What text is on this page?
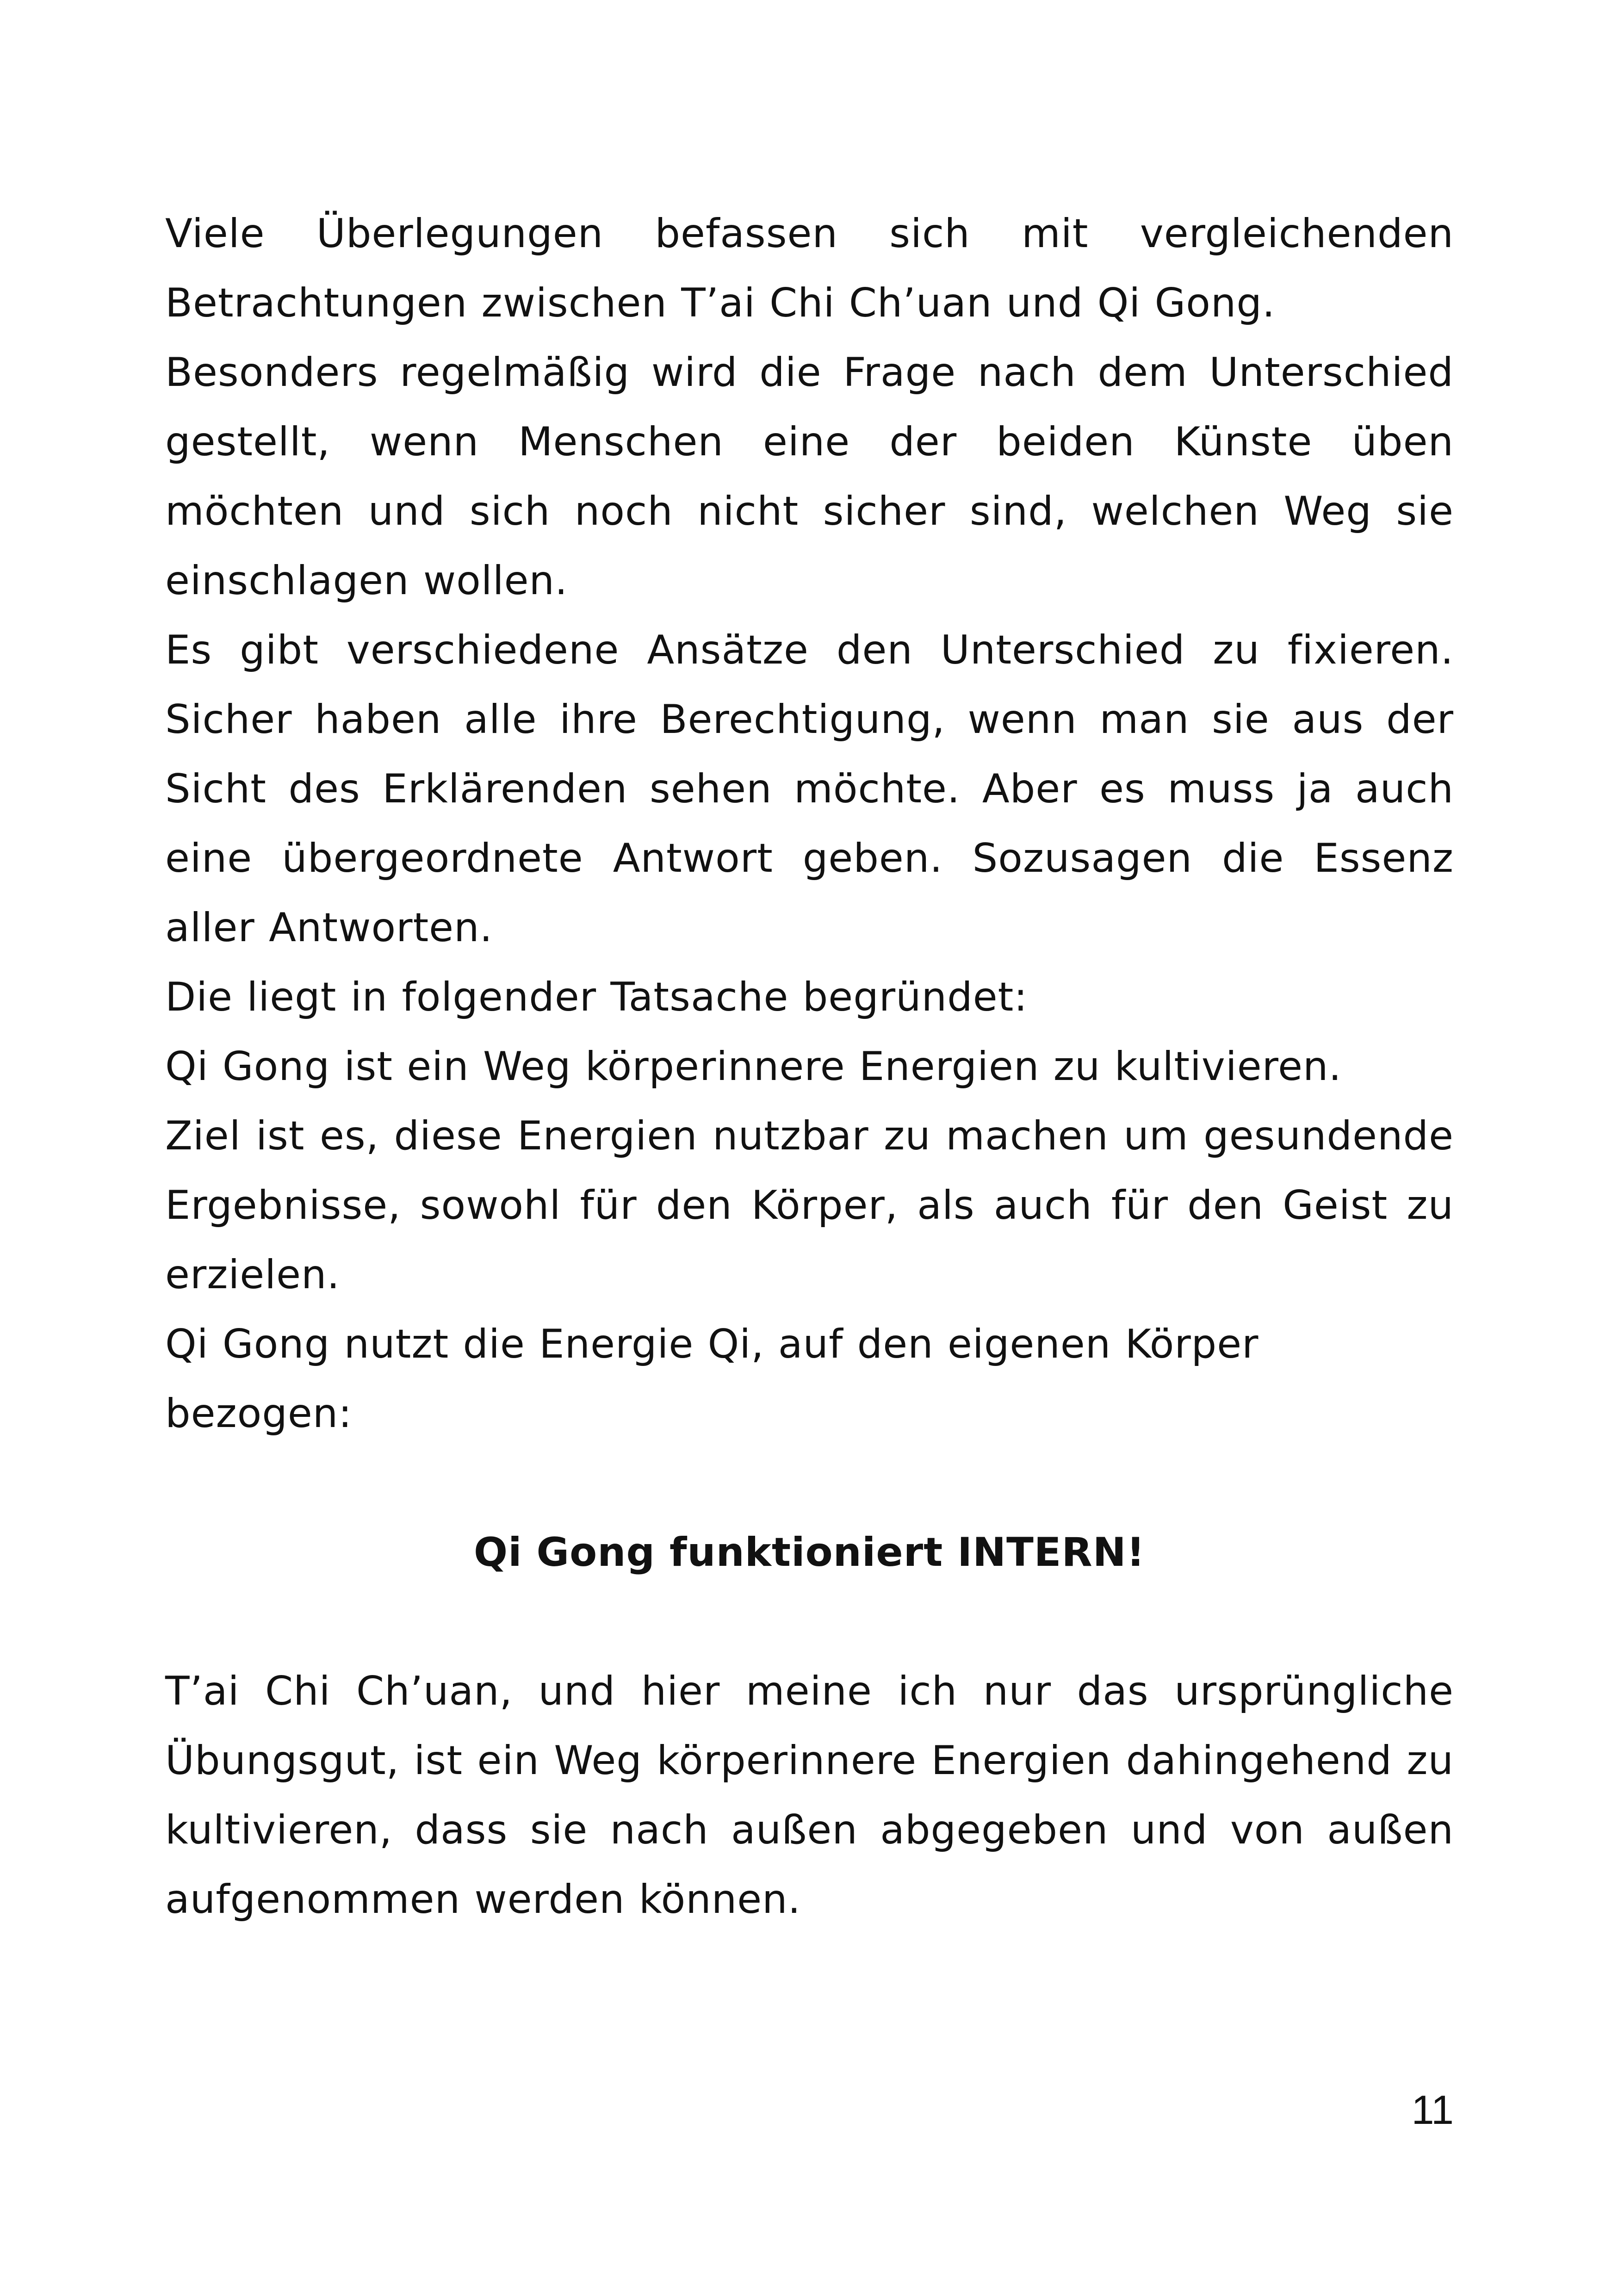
Viele Überlegungen befassen sich mit vergleichenden Betrachtungen zwischen T’ai Chi Ch’uan und Qi Gong.

Besonders regelmäßig wird die Frage nach dem Unterschied gestellt, wenn Menschen eine der beiden Künste üben möchten und sich noch nicht sicher sind, welchen Weg sie einschlagen wollen.

Es gibt verschiedene Ansätze den Unterschied zu fixieren. Sicher haben alle ihre Berechtigung, wenn man sie aus der Sicht des Erklärenden sehen möchte. Aber es muss ja auch eine übergeordnete Antwort geben. Sozusagen die Essenz aller Antworten.

Die liegt in folgender Tatsache begründet:

Qi Gong ist ein Weg körperinnere Energien zu kultivieren.

Ziel ist es, diese Energien nutzbar zu machen um gesundende Ergebnisse, sowohl für den Körper, als auch für den Geist zu erzielen.

Qi Gong nutzt die Energie Qi, auf den eigenen Körper bezogen:

Qi Gong funktioniert INTERN!

T’ai Chi Ch’uan, und hier meine ich nur das ursprüngliche Übungsgut, ist ein Weg körperinnere Energien dahingehend zu kultivieren, dass sie nach außen abgegeben und von außen aufgenommen werden können.

11
